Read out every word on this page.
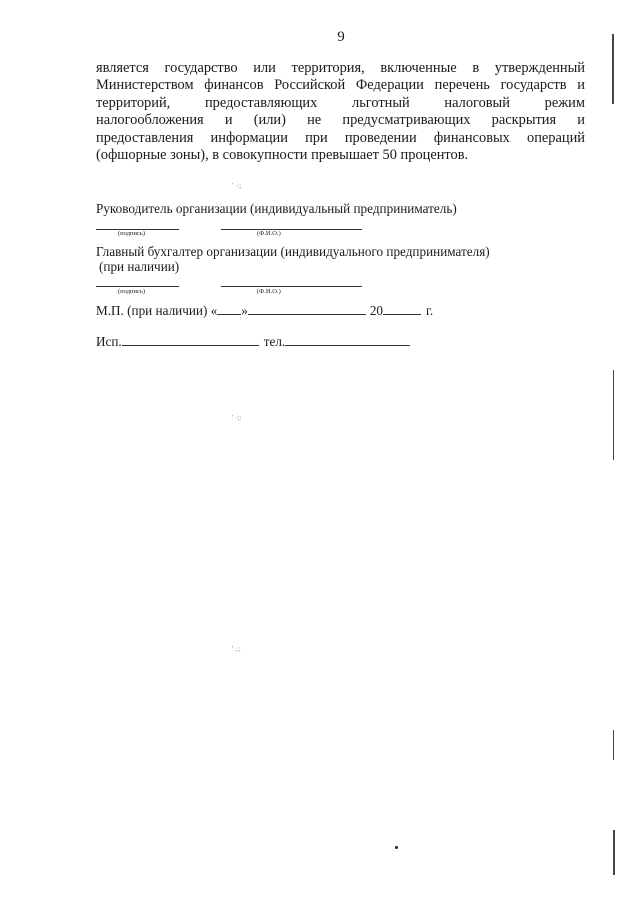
9
является государство или территория, включенные в утвержденный
Министерством финансов Российской Федерации перечень государств и
территорий, предоставляющих льготный налоговый режим
налогообложения и (или) не предусматривающих раскрытия и
предоставления информации при проведении финансовых операций
(офшорные зоны), в совокупности превышает 50 процентов.
' ·:;
Руководитель организации (индивидуальный предприниматель)
(подпись)	(Ф.И.О.)
Главный бухгалтер организации (индивидуального предпринимателя)
(при наличии)
(подпись)	(Ф.И.О.)
М.П. (при наличии) « »	20	г.
Исп.	тел.
' ·;:
' ,:;
